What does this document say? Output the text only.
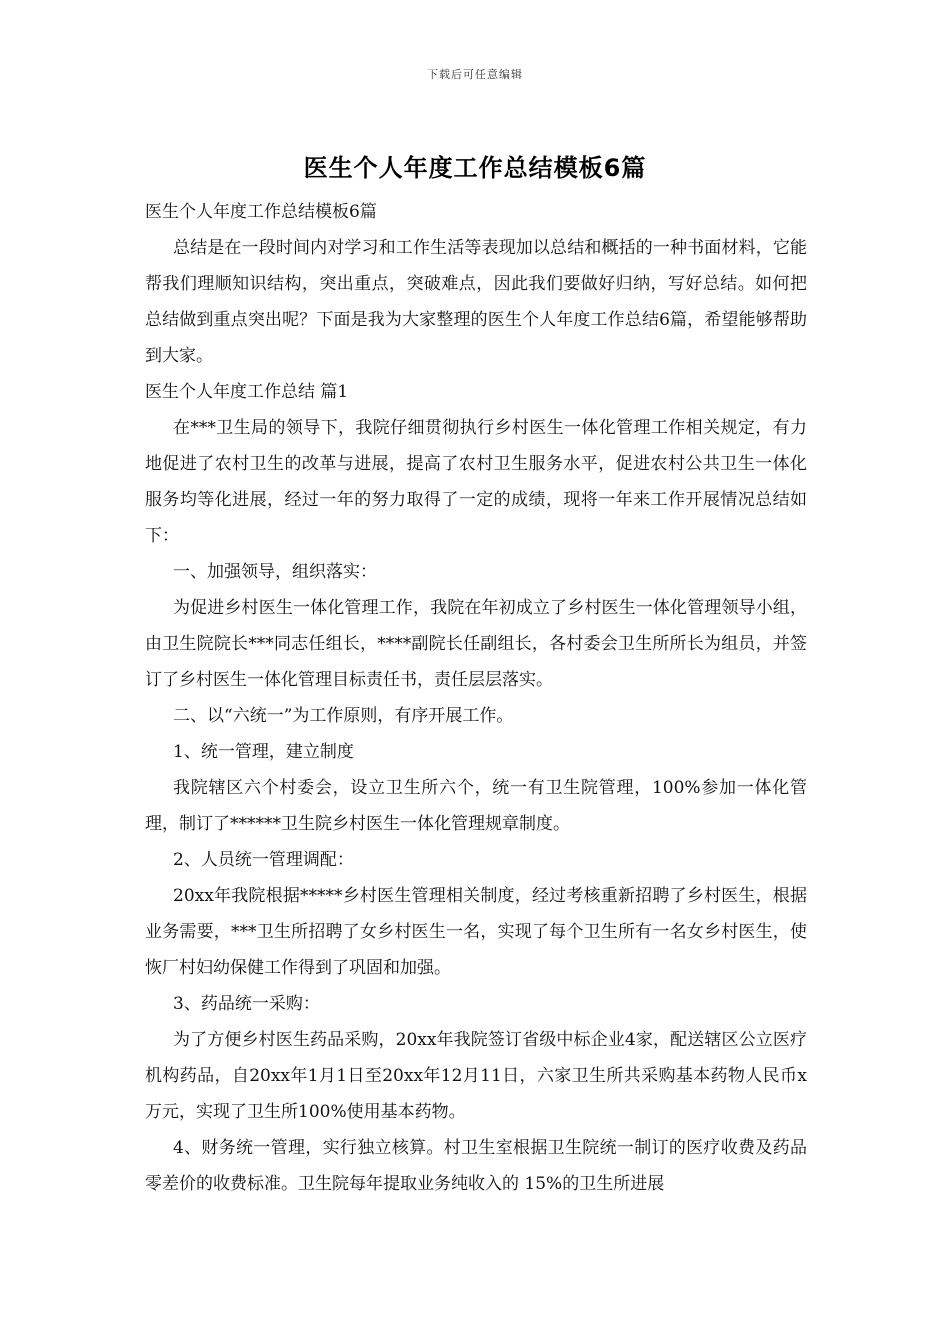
下载后可任意编辑
医生个人年度工作总结模板6篇

医生个人年度工作总结模板6篇

总结是在一段时间内对学习和工作生活等表现加以总结和概括的一种书面材料，它能帮我们理顺知识结构，突出重点，突破难点，因此我们要做好归纳，写好总结。如何把总结做到重点突出呢？下面是我为大家整理的医生个人年度工作总结6篇，希望能够帮助到大家。

医生个人年度工作总结 篇1

在***卫生局的领导下，我院仔细贯彻执行乡村医生一体化管理工作相关规定，有力地促进了农村卫生的改革与进展，提高了农村卫生服务水平，促进农村公共卫生一体化服务均等化进展，经过一年的努力取得了一定的成绩，现将一年来工作开展情况总结如下：

一、加强领导，组织落实：

为促进乡村医生一体化管理工作，我院在年初成立了乡村医生一体化管理领导小组，由卫生院院长***同志任组长，****副院长任副组长，各村委会卫生所所长为组员，并签订了乡村医生一体化管理目标责任书，责任层层落实。

二、以“六统一”为工作原则，有序开展工作。

1、统一管理，建立制度

我院辖区六个村委会，设立卫生所六个，统一有卫生院管理，100%参加一体化管理，制订了******卫生院乡村医生一体化管理规章制度。

2、人员统一管理调配：

20xx年我院根据*****乡村医生管理相关制度，经过考核重新招聘了乡村医生，根据业务需要，***卫生所招聘了女乡村医生一名，实现了每个卫生所有一名女乡村医生，使恢厂村妇幼保健工作得到了巩固和加强。

3、药品统一采购：

为了方便乡村医生药品采购，20xx年我院签订省级中标企业4家，配送辖区公立医疗机构药品，自20xx年1月1日至20xx年12月11日，六家卫生所共采购基本药物人民币x万元，实现了卫生所100%使用基本药物。

4、财务统一管理，实行独立核算。村卫生室根据卫生院统一制订的医疗收费及药品零差价的收费标准。卫生院每年提取业务纯收入的 15%的卫生所进展
